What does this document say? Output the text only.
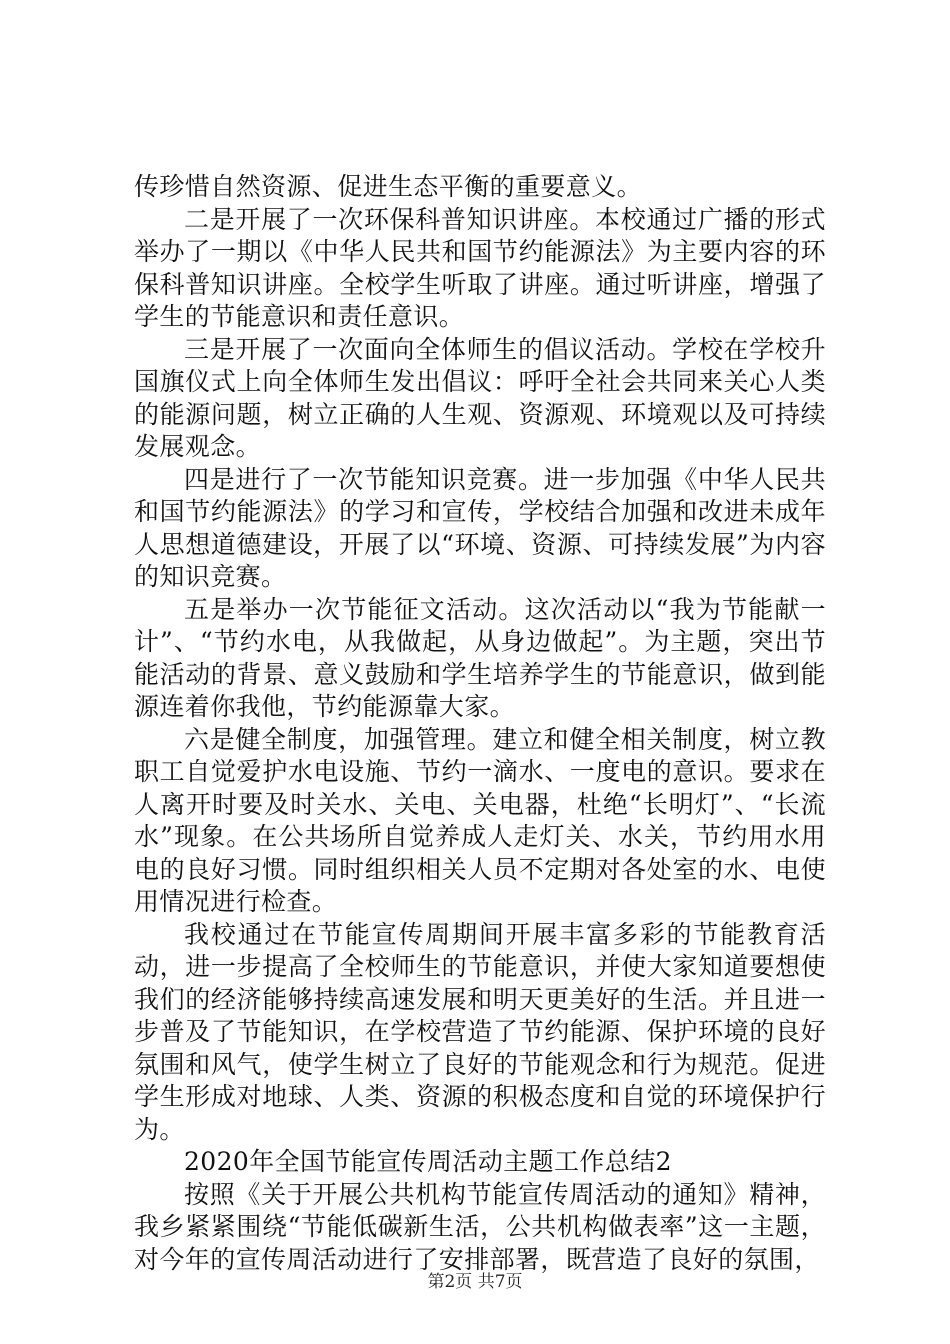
传珍惜自然资源、促进生态平衡的重要意义。

二是开展了一次环保科普知识讲座。本校通过广播的形式举办了一期以《中华人民共和国节约能源法》为主要内容的环保科普知识讲座。全校学生听取了讲座。通过听讲座，增强了学生的节能意识和责任意识。

三是开展了一次面向全体师生的倡议活动。学校在学校升国旗仪式上向全体师生发出倡议：呼吁全社会共同来关心人类的能源问题，树立正确的人生观、资源观、环境观以及可持续发展观念。

四是进行了一次节能知识竞赛。进一步加强《中华人民共和国节约能源法》的学习和宣传，学校结合加强和改进未成年人思想道德建设，开展了以“环境、资源、可持续发展”为内容的知识竞赛。

五是举办一次节能征文活动。这次活动以“我为节能献一计”、“节约水电，从我做起，从身边做起”。为主题，突出节能活动的背景、意义鼓励和学生培养学生的节能意识，做到能源连着你我他，节约能源靠大家。

六是健全制度，加强管理。建立和健全相关制度，树立教职工自觉爱护水电设施、节约一滴水、一度电的意识。要求在人离开时要及时关水、关电、关电器，杜绝“长明灯”、“长流水”现象。在公共场所自觉养成人走灯关、水关，节约用水用电的良好习惯。同时组织相关人员不定期对各处室的水、电使用情况进行检查。

我校通过在节能宣传周期间开展丰富多彩的节能教育活动，进一步提高了全校师生的节能意识，并使大家知道要想使我们的经济能够持续高速发展和明天更美好的生活。并且进一步普及了节能知识，在学校营造了节约能源、保护环境的良好氛围和风气，使学生树立了良好的节能观念和行为规范。促进学生形成对地球、人类、资源的积极态度和自觉的环境保护行为。

2020年全国节能宣传周活动主题工作总结2

按照《关于开展公共机构节能宣传周活动的通知》精神，我乡紧紧围绕“节能低碳新生活，公共机构做表率”这一主题，对今年的宣传周活动进行了安排部署，既营造了良好的氛围，

第2页 共7页
